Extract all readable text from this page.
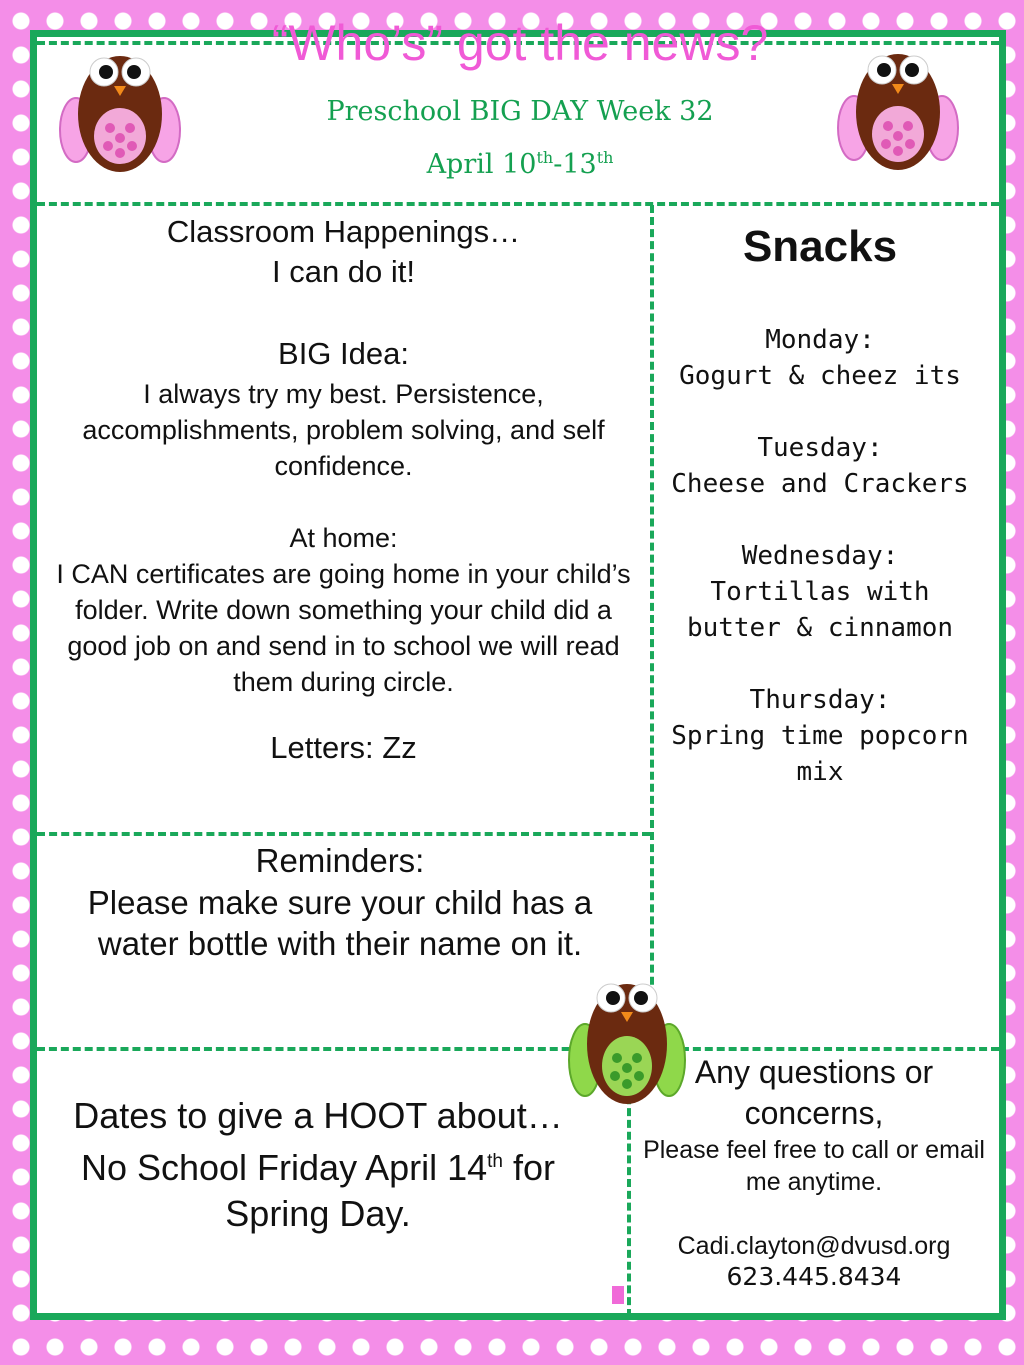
“Who’s” got the news?
Preschool BIG DAY Week 32
April 10th-13th
Classroom Happenings…
I can do it!
BIG Idea:
I always try my best. Persistence, accomplishments, problem solving, and self confidence.
At home:
I CAN certificates are going home in your child’s folder. Write down something your child did a good job on and send in to school we will read them during circle.
Letters: Zz
Snacks
Monday:
Gogurt & cheez its
Tuesday:
Cheese and Crackers
Wednesday:
Tortillas with butter & cinnamon
Thursday:
Spring time popcorn mix
Reminders:
Please make sure your child has a water bottle with their name on it.
Dates to give a HOOT about…
No School Friday April 14th for
Spring Day.
Any questions or concerns,
Please feel free to call or email me anytime.
Cadi.clayton@dvusd.org
623.445.8434
